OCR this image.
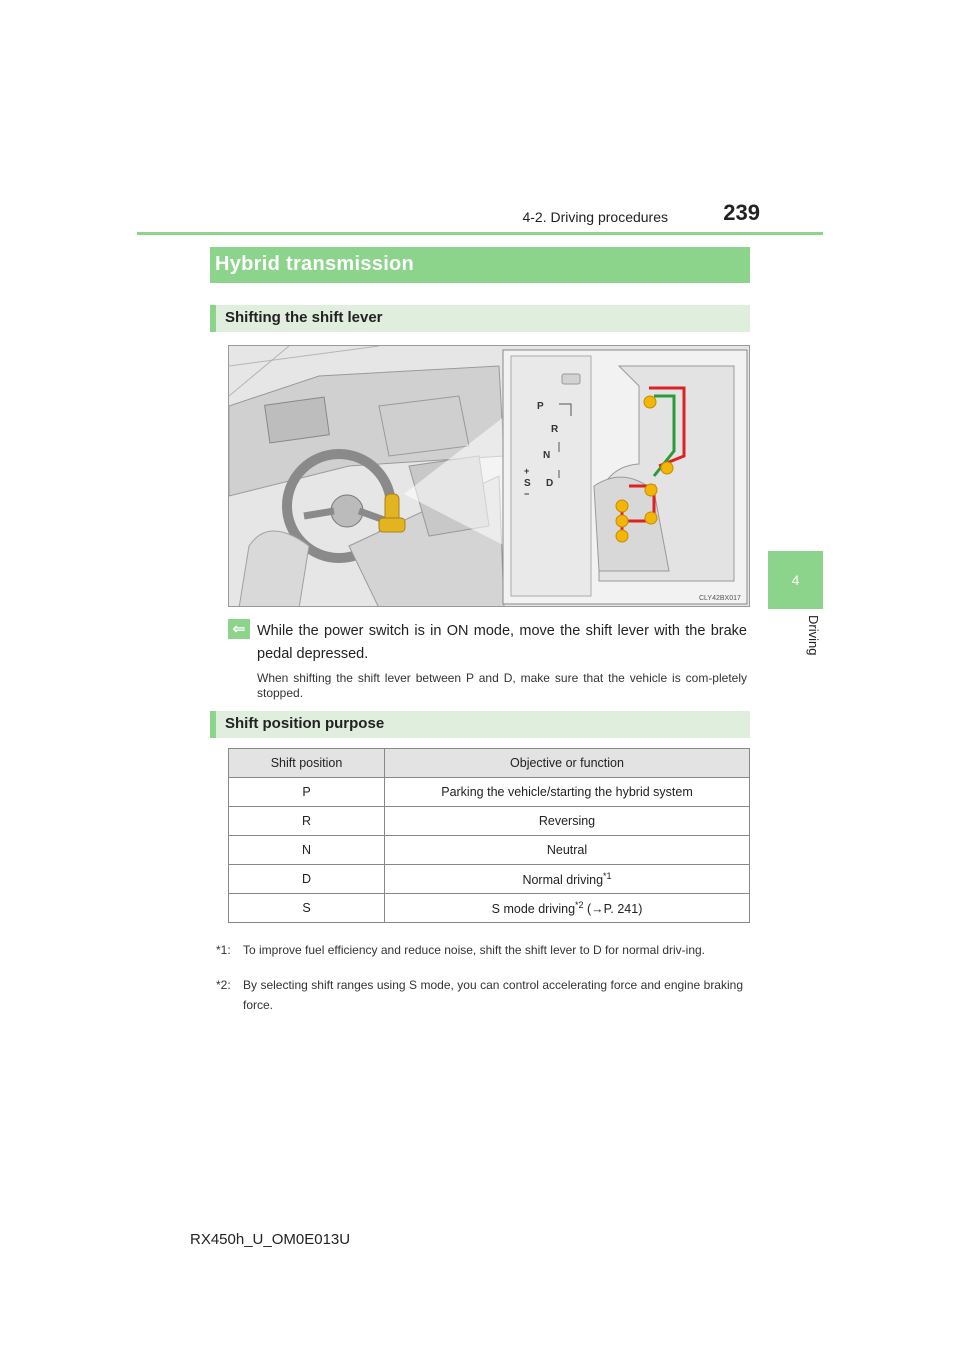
4-2. Driving procedures	239
4
Driving
Hybrid transmission
Shifting the shift lever
P
R
N
+
S D
−
CLY42BX017
⇐ While the power switch is in ON mode, move the shift lever with the brake pedal depressed.
When shifting the shift lever between P and D, make sure that the vehicle is com-pletely stopped.
Shift position purpose
Shift position	Objective or function
P	Parking the vehicle/starting the hybrid system
R	Reversing
N	Neutral
D	Normal driving$^{*1}$
S	S mode driving$^{*2}$ (→P. 241)
*1: To improve fuel efficiency and reduce noise, shift the shift lever to D for normal driv-ing.
*2: By selecting shift ranges using S mode, you can control accelerating force and engine braking force.
RX450h_U_OM0E013U
